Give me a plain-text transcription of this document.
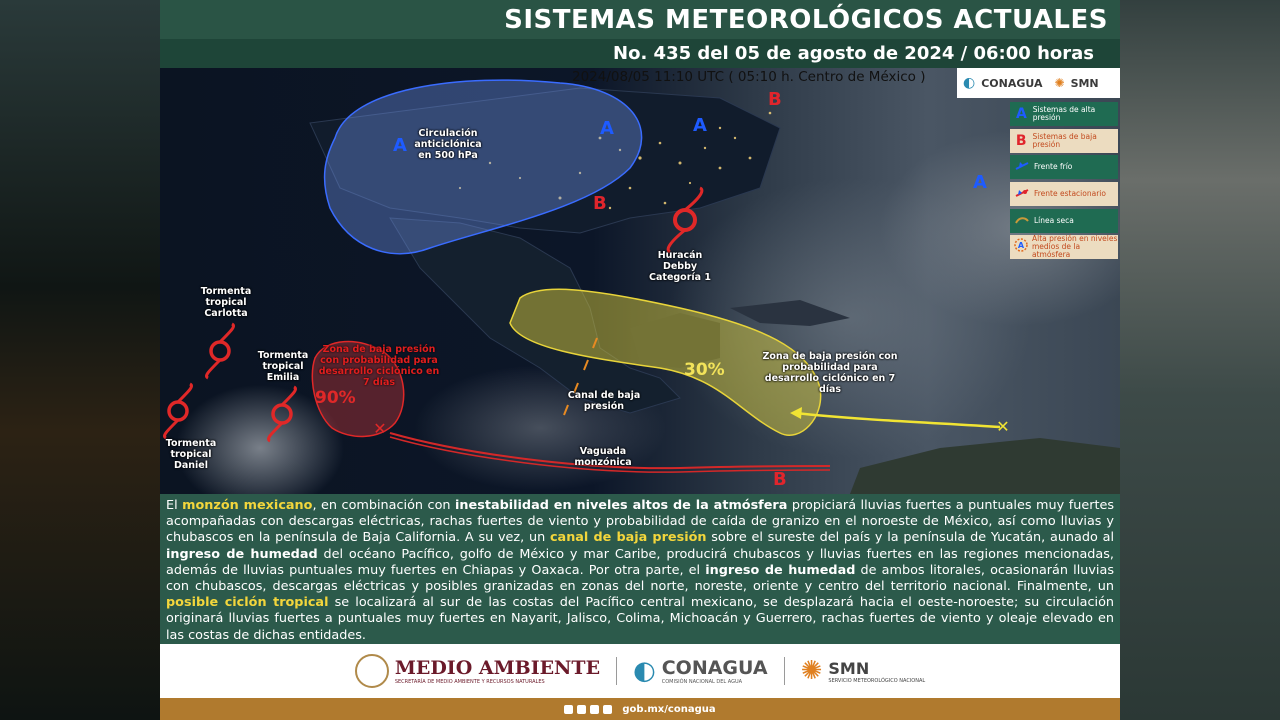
SISTEMAS METEOROLÓGICOS ACTUALES
No. 435 del 05 de agosto de 2024 / 06:00 horas
✕
✕
2024/08/05 11:10 UTC ( 05:10 h. Centro de México )	◐ CONAGUA ✺ SMN
A Sistemas de alta presión
B Sistemas de baja presión
Frente frío
Frente estacionario
Línea seca
A
Alta presión en niveles medios de la atmósfera
A
A	A
A
B
B
B
Circulación anticiclónica en 500 hPa
Huracán Debby Categoría 1
Tormenta tropical Carlotta
Tormenta tropical Emilia
Tormenta tropical Daniel
Zona de baja presión con probabilidad para desarrollo ciclónico en 7 días
Zona de baja presión con probabilidad para desarrollo ciclónico en 7 días
Canal de baja presión
Vaguada monzónica
90%
30%
El monzón mexicano, en combinación con inestabilidad en niveles altos de la atmósfera propiciará lluvias fuertes a puntuales muy fuertes acompañadas con descargas eléctricas, rachas fuertes de viento y probabilidad de caída de granizo en el noroeste de México, así como lluvias y chubascos en la península de Baja California. A su vez, un canal de baja presión sobre el sureste del país y la península de Yucatán, aunado al ingreso de humedad del océano Pacífico, golfo de México y mar Caribe, producirá chubascos y lluvias fuertes en las regiones mencionadas, además de lluvias puntuales muy fuertes en Chiapas y Oaxaca. Por otra parte, el ingreso de humedad de ambos litorales, ocasionarán lluvias con chubascos, descargas eléctricas y posibles granizadas en zonas del norte, noreste, oriente y centro del territorio nacional. Finalmente, un posible ciclón tropical se localizará al sur de las costas del Pacífico central mexicano, se desplazará hacia el oeste-noroeste; su circulación originará lluvias fuertes a puntuales muy fuertes en Nayarit, Jalisco, Colima, Michoacán y Guerrero, rachas fuertes de viento y oleaje elevado en las costas de dichas entidades.
MEDIO AMBIENTE
SECRETARÍA DE MEDIO AMBIENTE Y RECURSOS NATURALES	◐ CONAGUA
COMISIÓN NACIONAL DEL AGUA	✺ SMN
SERVICIO METEOROLÓGICO NACIONAL
gob.mx/conagua
